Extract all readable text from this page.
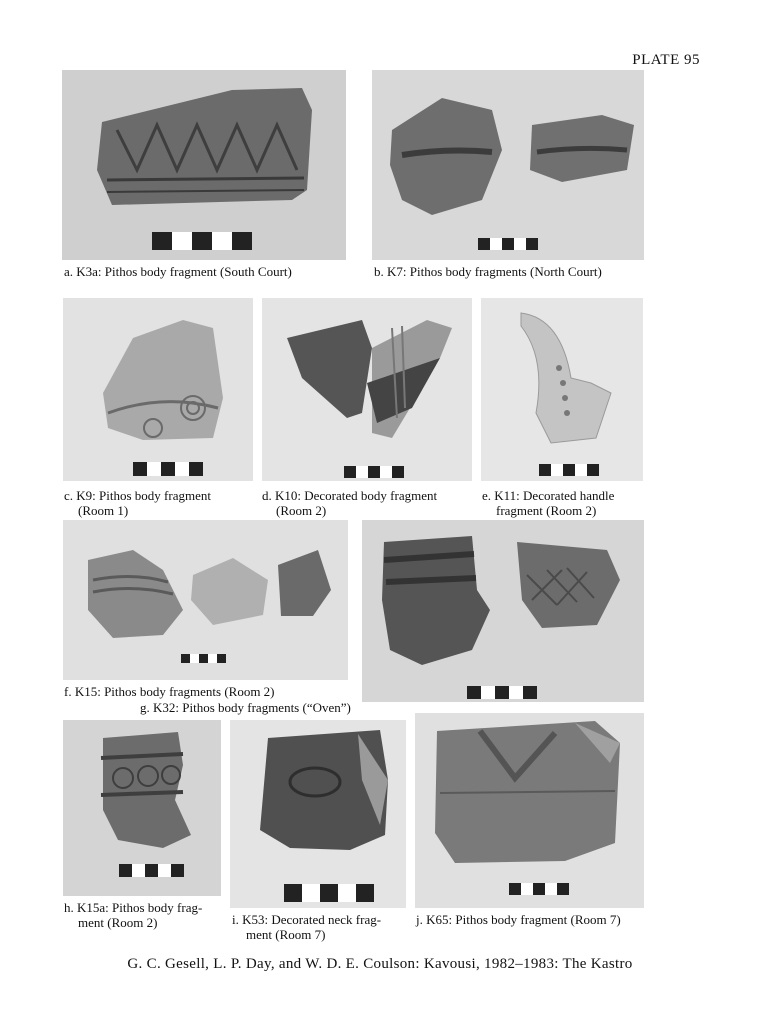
PLATE 95
a. K3a: Pithos body fragment (South Court)	b. K7: Pithos body fragments (North Court)
c. K9: Pithos body fragment
(Room 1)
d. K10: Decorated body fragment
(Room 2)
e. K11: Decorated handle
fragment (Room 2)
f. K15: Pithos body fragments (Room 2)
g. K32: Pithos body fragments (“Oven”)
h. K15a: Pithos body frag-
ment (Room 2)	i. K53: Decorated neck frag-
ment (Room 7)
j. K65: Pithos body fragment (Room 7)
G. C. Gesell, L. P. Day, and W. D. E. Coulson: Kavousi, 1982–1983: The Kastro
